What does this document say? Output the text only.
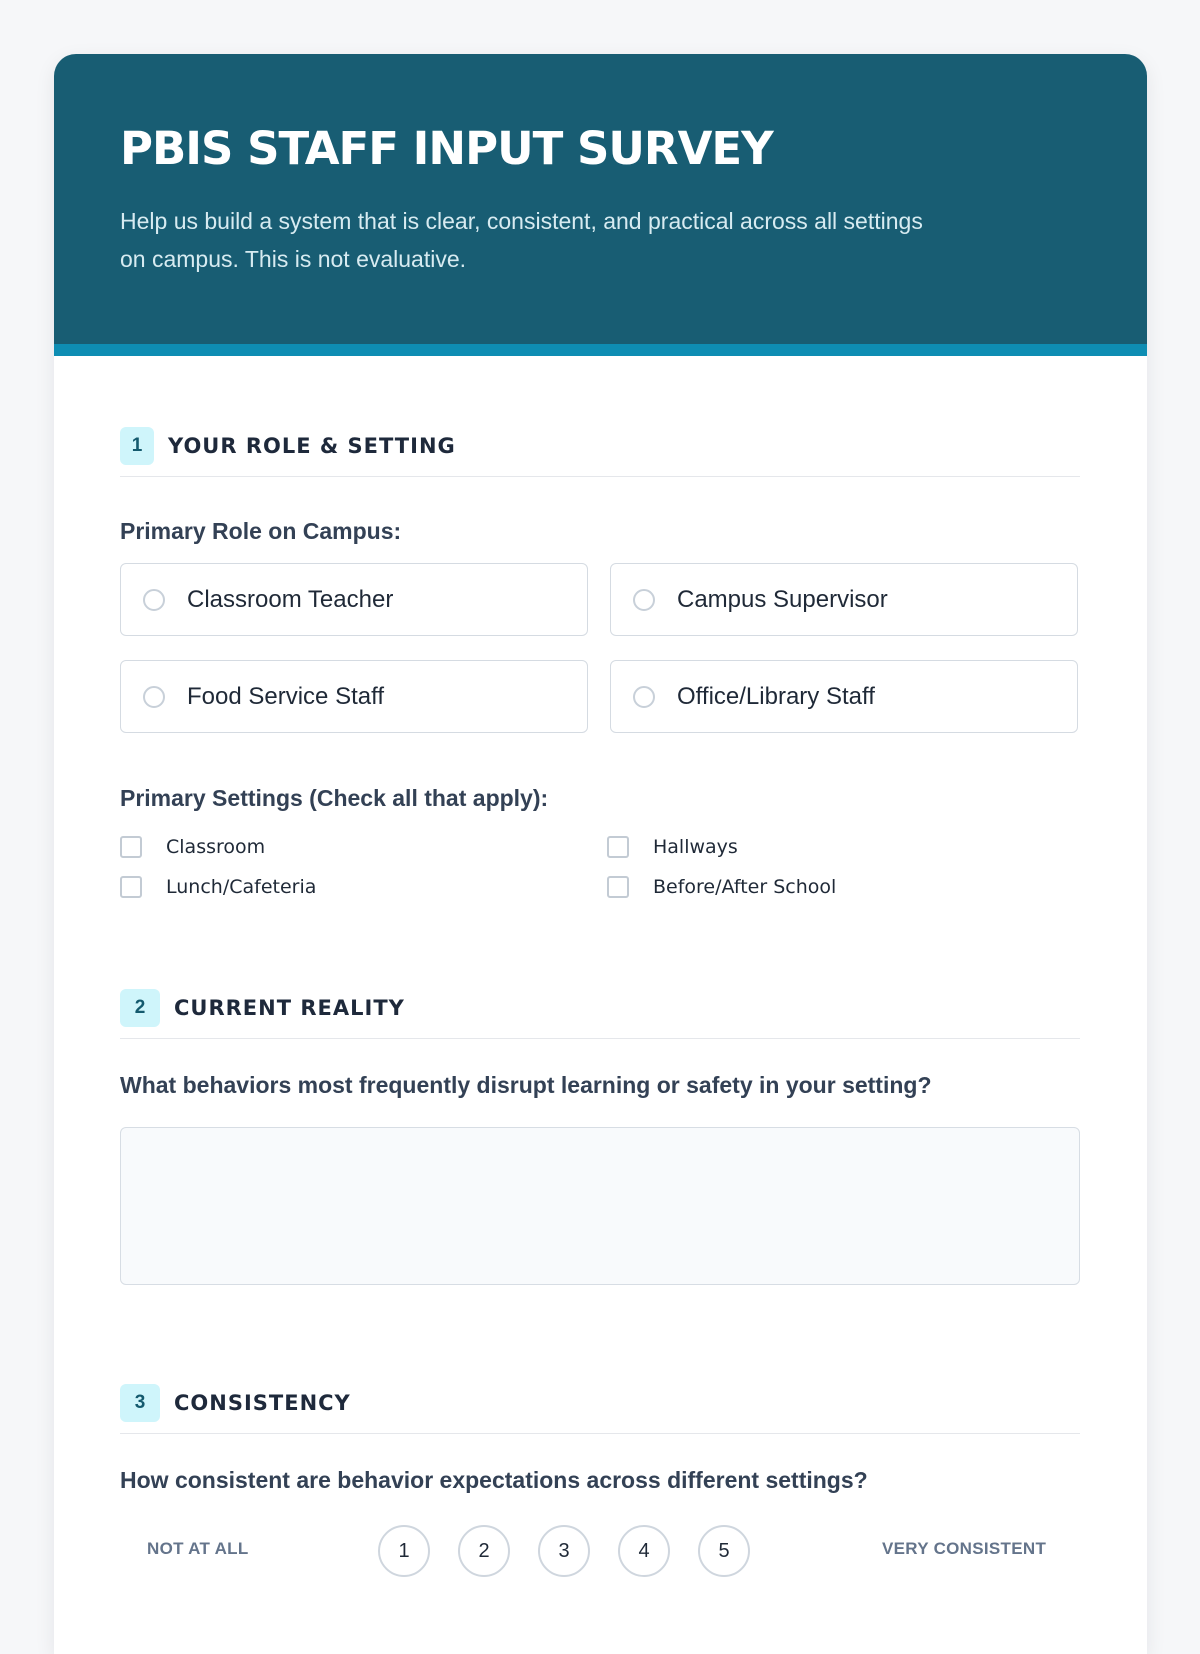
PBIS STAFF INPUT SURVEY

Help us build a system that is clear, consistent, and practical across all settings on campus. This is not evaluative.

1	YOUR ROLE & SETTING
Primary Role on Campus:
Classroom Teacher	Campus Supervisor
Food Service Staff	Office/Library Staff
Primary Settings (Check all that apply):
Classroom	Hallways
Lunch/Cafeteria	Before/After School
2	CURRENT REALITY
What behaviors most frequently disrupt learning or safety in your setting?
3	CONSISTENCY
How consistent are behavior expectations across different settings?
NOT AT ALL	1	2	3	4	5	VERY CONSISTENT
